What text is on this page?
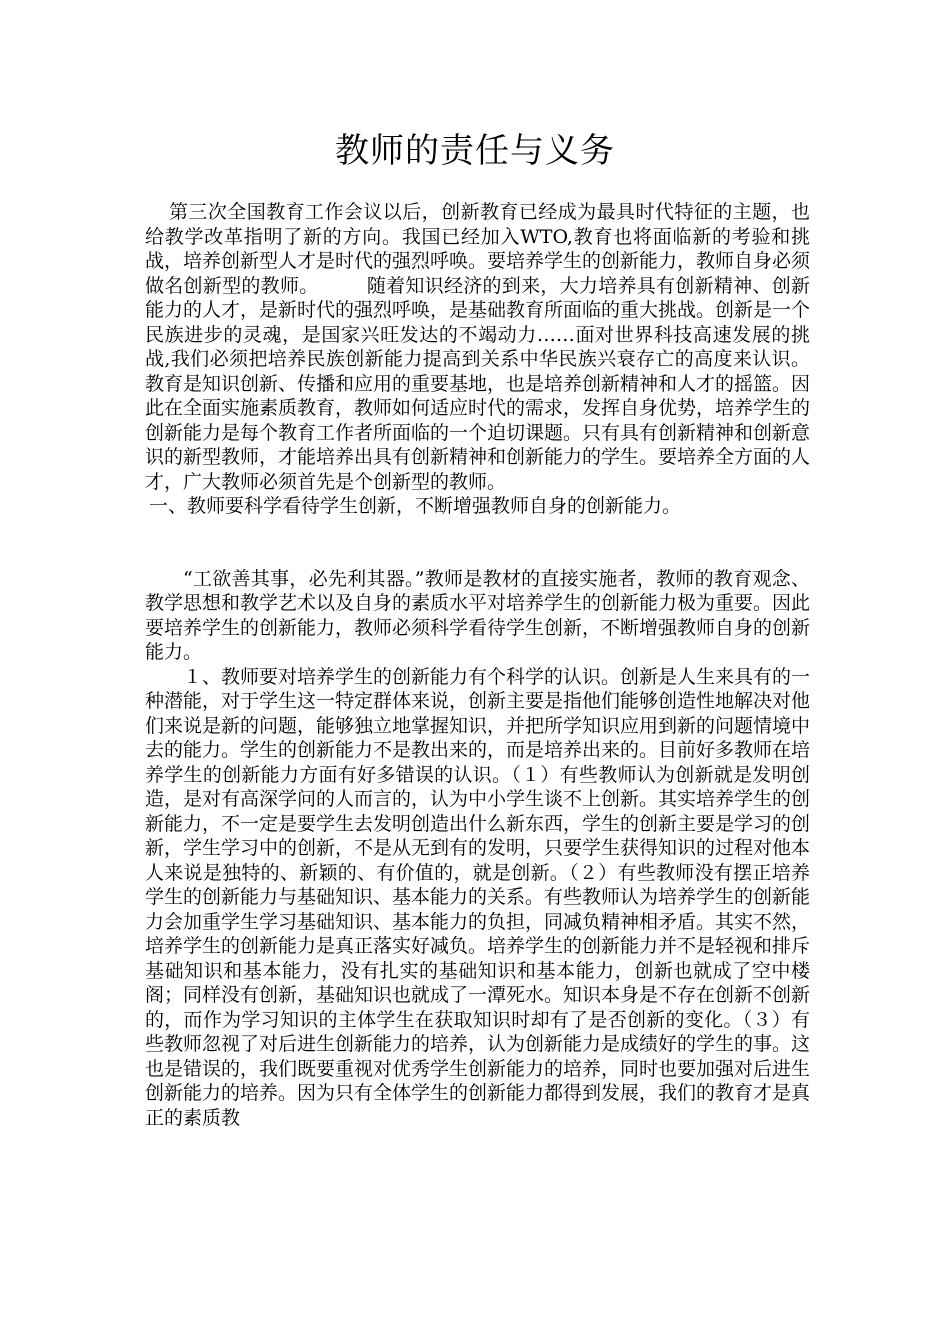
教师的责任与义务

第三次全国教育工作会议以后，创新教育已经成为最具时代特征的主题，也给教学改革指明了新的方向。我国已经加入WTO,教育也将面临新的考验和挑战，培养创新型人才是时代的强烈呼唤。要培养学生的创新能力，教师自身必须做名创新型的教师。　　　随着知识经济的到来，大力培养具有创新精神、创新能力的人才，是新时代的强烈呼唤，是基础教育所面临的重大挑战。创新是一个民族进步的灵魂，是国家兴旺发达的不竭动力……面对世界科技高速发展的挑战,我们必须把培养民族创新能力提高到关系中华民族兴衰存亡的高度来认识。教育是知识创新、传播和应用的重要基地，也是培养创新精神和人才的摇篮。因此在全面实施素质教育，教师如何适应时代的需求，发挥自身优势，培养学生的创新能力是每个教育工作者所面临的一个迫切课题。只有具有创新精神和创新意识的新型教师，才能培养出具有创新精神和创新能力的学生。要培养全方面的人才，广大教师必须首先是个创新型的教师。

一、教师要科学看待学生创新，不断增强教师自身的创新能力。

“工欲善其事，必先利其器。”教师是教材的直接实施者，教师的教育观念、教学思想和教学艺术以及自身的素质水平对培养学生的创新能力极为重要。因此要培养学生的创新能力，教师必须科学看待学生创新，不断增强教师自身的创新能力。

１、教师要对培养学生的创新能力有个科学的认识。创新是人生来具有的一种潜能，对于学生这一特定群体来说，创新主要是指他们能够创造性地解决对他们来说是新的问题，能够独立地掌握知识，并把所学知识应用到新的问题情境中去的能力。学生的创新能力不是教出来的，而是培养出来的。目前好多教师在培养学生的创新能力方面有好多错误的认识。（１）有些教师认为创新就是发明创造，是对有高深学问的人而言的，认为中小学生谈不上创新。其实培养学生的创新能力，不一定是要学生去发明创造出什么新东西，学生的创新主要是学习的创新，学生学习中的创新，不是从无到有的发明，只要学生获得知识的过程对他本人来说是独特的、新颖的、有价值的，就是创新。（２）有些教师没有摆正培养学生的创新能力与基础知识、基本能力的关系。有些教师认为培养学生的创新能力会加重学生学习基础知识、基本能力的负担，同减负精神相矛盾。其实不然，培养学生的创新能力是真正落实好减负。培养学生的创新能力并不是轻视和排斥基础知识和基本能力，没有扎实的基础知识和基本能力，创新也就成了空中楼阁；同样没有创新，基础知识也就成了一潭死水。知识本身是不存在创新不创新的，而作为学习知识的主体学生在获取知识时却有了是否创新的变化。（３）有些教师忽视了对后进生创新能力的培养，认为创新能力是成绩好的学生的事。这也是错误的，我们既要重视对优秀学生创新能力的培养，同时也要加强对后进生创新能力的培养。因为只有全体学生的创新能力都得到发展，我们的教育才是真正的素质教
